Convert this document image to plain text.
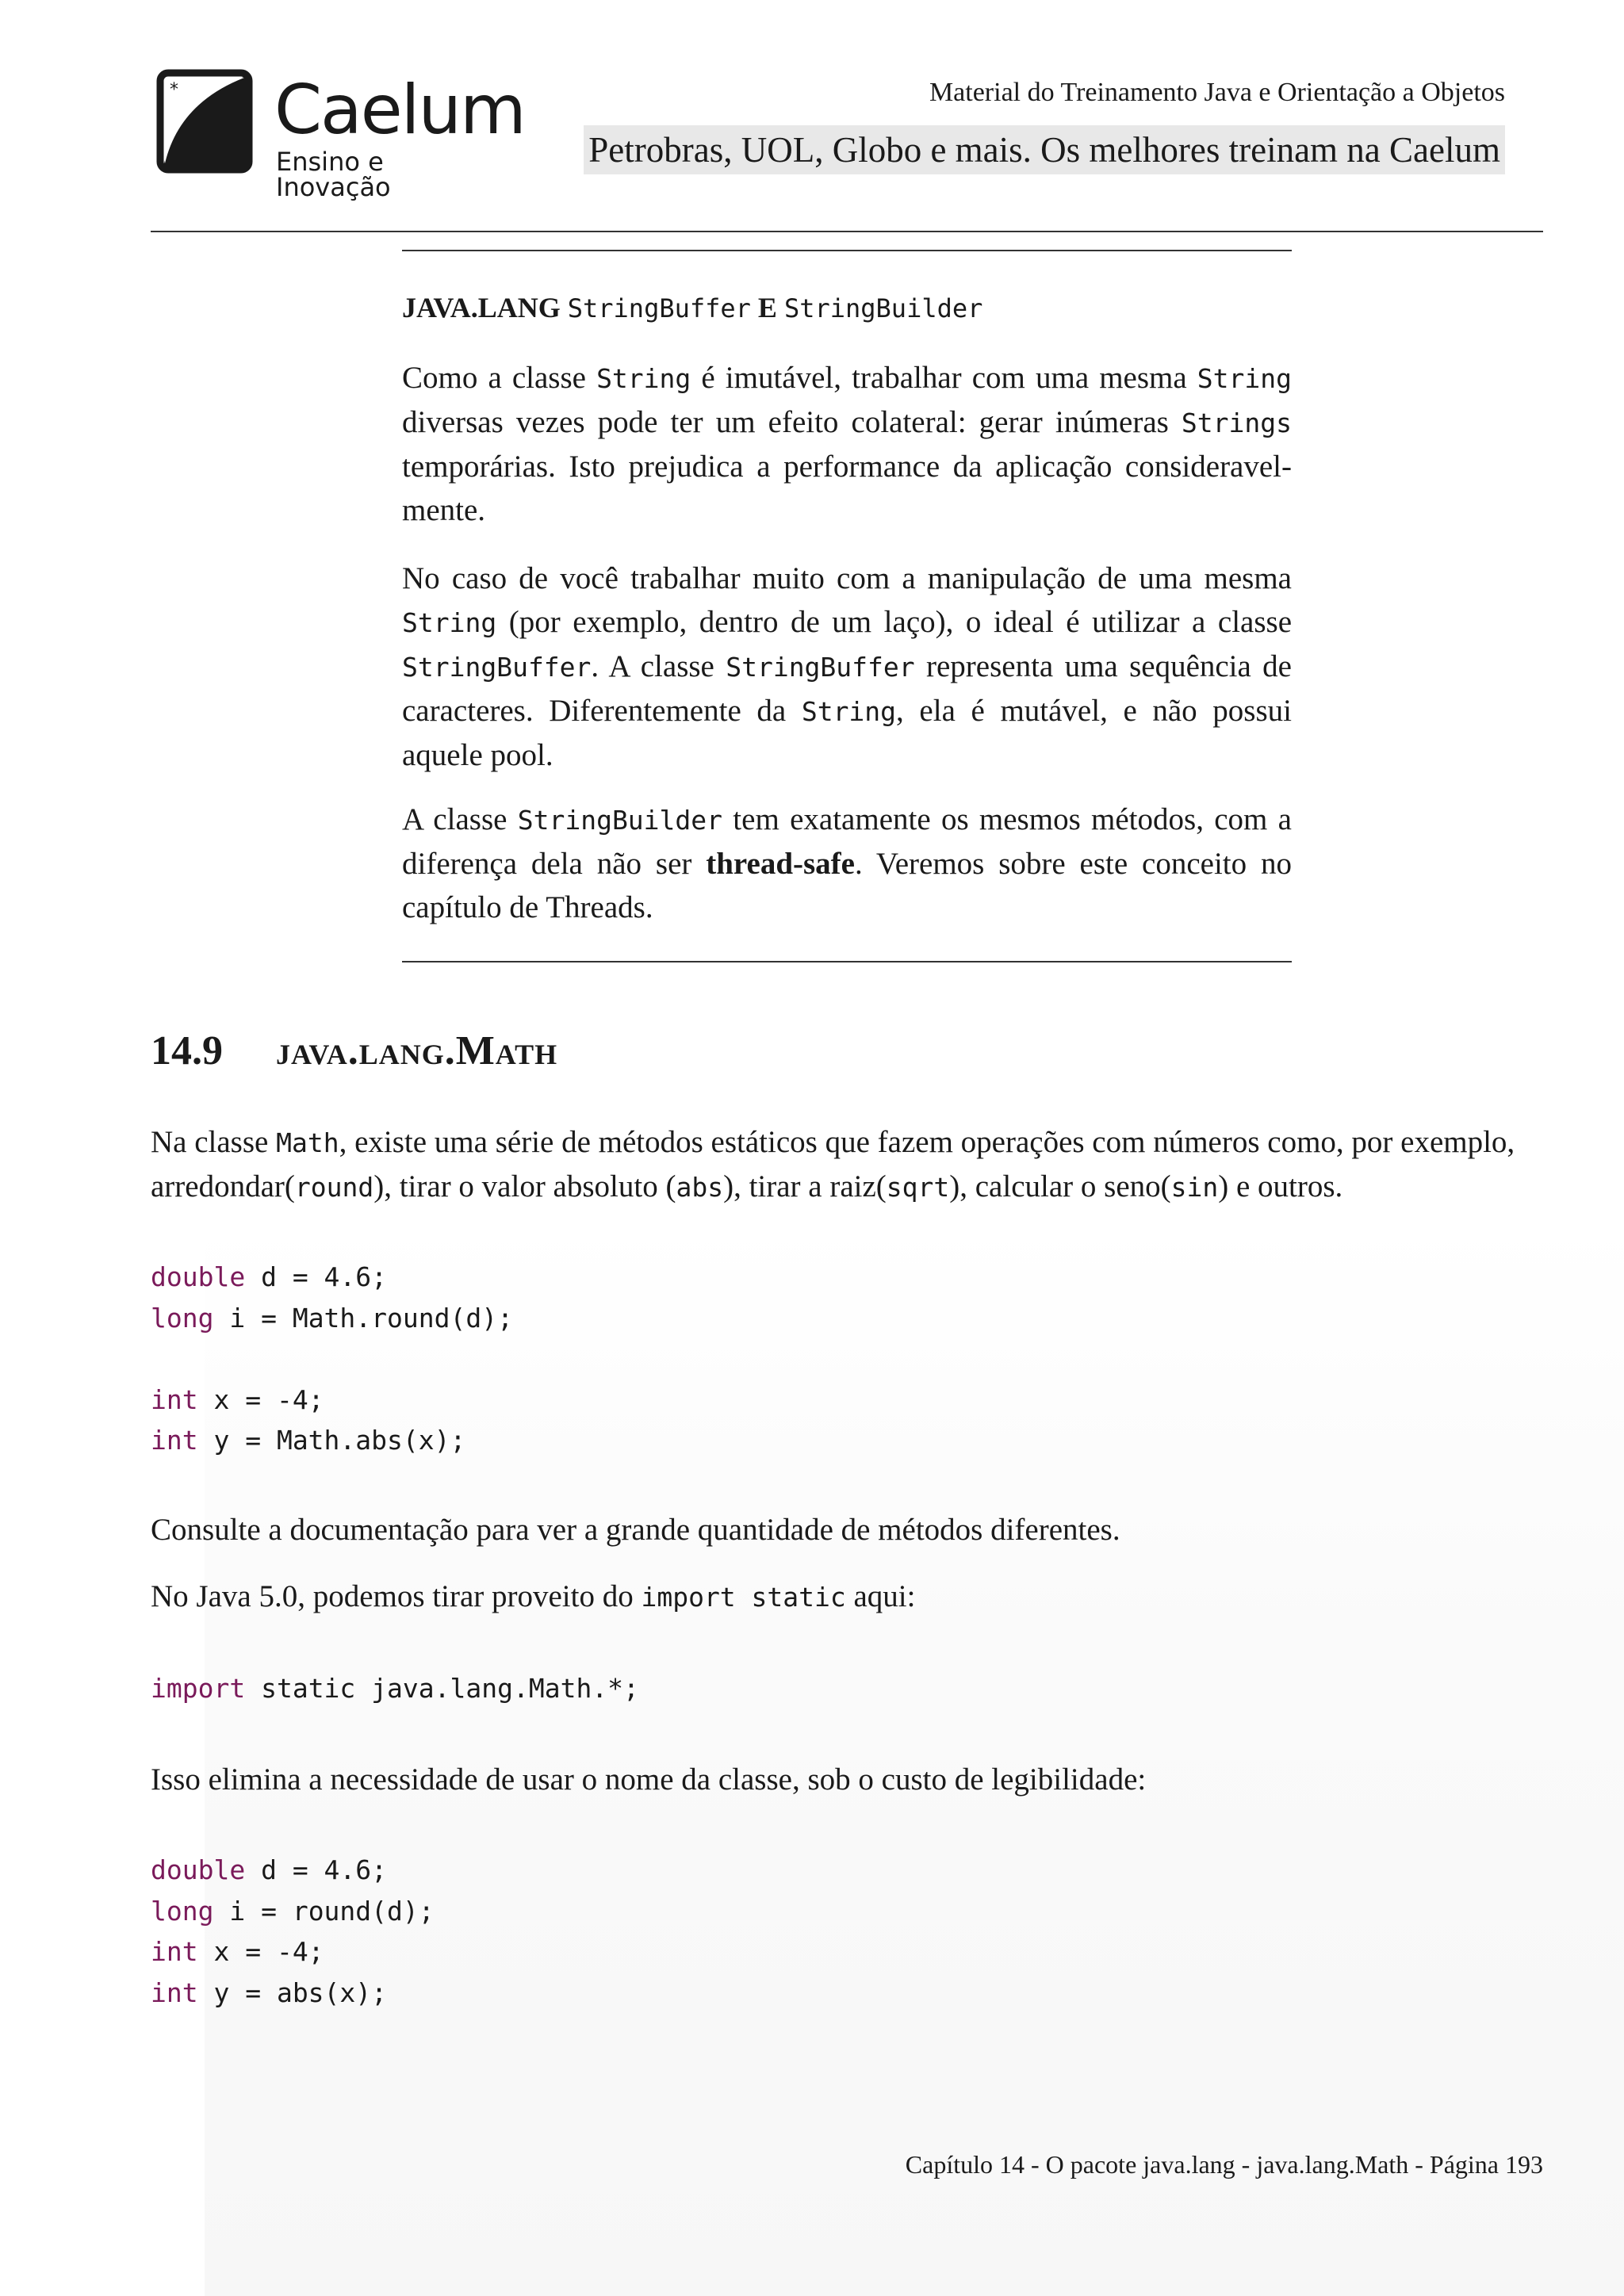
* Caelum
Ensino e Inovação
Material do Treinamento Java e Orientação a Objetos
Petrobras, UOL, Globo e mais. Os melhores treinam na Caelum
JAVA.LANG StringBuffer E StringBuilder
Como a classe String é imutável, trabalhar com uma mesma String diversas vezes pode ter um efeito colateral: gerar inúmeras Strings temporárias. Isto prejudica a performance da aplicação consideravel- mente.
No caso de você trabalhar muito com a manipulação de uma mesma String (por exemplo, dentro de um laço), o ideal é utilizar a classe StringBuffer. A classe StringBuffer representa uma sequência de caracteres. Diferentemente da String, ela é mutável, e não possui aquele pool.
A classe StringBuilder tem exatamente os mesmos métodos, com a diferença dela não ser thread-safe. Veremos sobre este conceito no capítulo de Threads.
14.9 java.lang.Math
Na classe Math, existe uma série de métodos estáticos que fazem operações com números como, por exemplo, arredondar(round), tirar o valor absoluto (abs), tirar a raiz(sqrt), calcular o seno(sin) e outros.
double d = 4.6;
long i = Math.round(d);

int x = -4;
int y = Math.abs(x);
Consulte a documentação para ver a grande quantidade de métodos diferentes.
No Java 5.0, podemos tirar proveito do import static aqui:
import static java.lang.Math.*;
Isso elimina a necessidade de usar o nome da classe, sob o custo de legibilidade:
double d = 4.6;
long i = round(d);
int x = -4;
int y = abs(x);
Capítulo 14 - O pacote java.lang - java.lang.Math - Página 193
